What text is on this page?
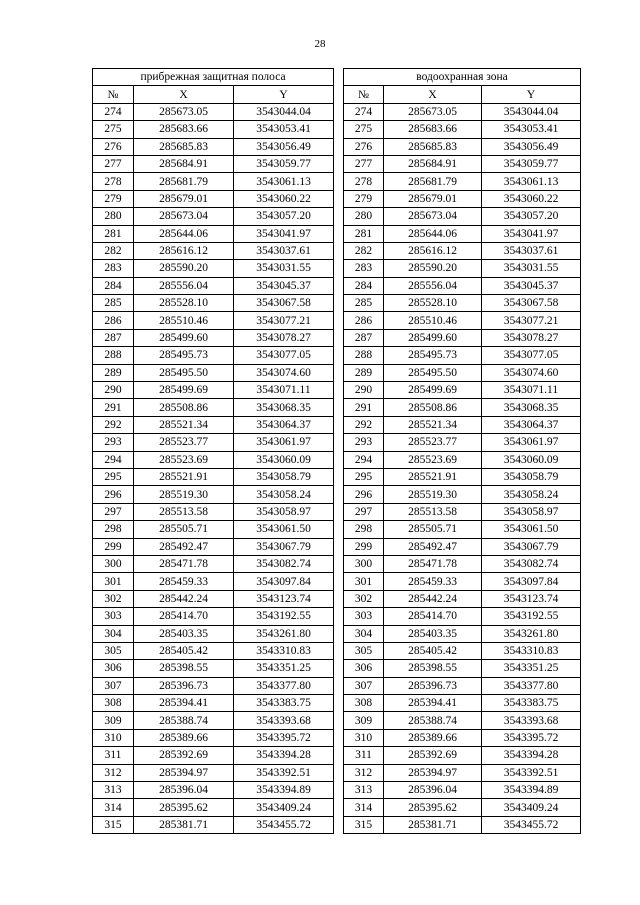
28
прибрежная защитная полоса		
№	X	Y
274	285673.05	3543044.04
275	285683.66	3543053.41
276	285685.83	3543056.49
277	285684.91	3543059.77
278	285681.79	3543061.13
279	285679.01	3543060.22
280	285673.04	3543057.20
281	285644.06	3543041.97
282	285616.12	3543037.61
283	285590.20	3543031.55
284	285556.04	3543045.37
285	285528.10	3543067.58
286	285510.46	3543077.21
287	285499.60	3543078.27
288	285495.73	3543077.05
289	285495.50	3543074.60
290	285499.69	3543071.11
291	285508.86	3543068.35
292	285521.34	3543064.37
293	285523.77	3543061.97
294	285523.69	3543060.09
295	285521.91	3543058.79
296	285519.30	3543058.24
297	285513.58	3543058.97
298	285505.71	3543061.50
299	285492.47	3543067.79
300	285471.78	3543082.74
301	285459.33	3543097.84
302	285442.24	3543123.74
303	285414.70	3543192.55
304	285403.35	3543261.80
305	285405.42	3543310.83
306	285398.55	3543351.25
307	285396.73	3543377.80
308	285394.41	3543383.75
309	285388.74	3543393.68
310	285389.66	3543395.72
311	285392.69	3543394.28
312	285394.97	3543392.51
313	285396.04	3543394.89
314	285395.62	3543409.24
315	285381.71	3543455.72
водоохранная зона		
№	X	Y
274	285673.05	3543044.04
275	285683.66	3543053.41
276	285685.83	3543056.49
277	285684.91	3543059.77
278	285681.79	3543061.13
279	285679.01	3543060.22
280	285673.04	3543057.20
281	285644.06	3543041.97
282	285616.12	3543037.61
283	285590.20	3543031.55
284	285556.04	3543045.37
285	285528.10	3543067.58
286	285510.46	3543077.21
287	285499.60	3543078.27
288	285495.73	3543077.05
289	285495.50	3543074.60
290	285499.69	3543071.11
291	285508.86	3543068.35
292	285521.34	3543064.37
293	285523.77	3543061.97
294	285523.69	3543060.09
295	285521.91	3543058.79
296	285519.30	3543058.24
297	285513.58	3543058.97
298	285505.71	3543061.50
299	285492.47	3543067.79
300	285471.78	3543082.74
301	285459.33	3543097.84
302	285442.24	3543123.74
303	285414.70	3543192.55
304	285403.35	3543261.80
305	285405.42	3543310.83
306	285398.55	3543351.25
307	285396.73	3543377.80
308	285394.41	3543383.75
309	285388.74	3543393.68
310	285389.66	3543395.72
311	285392.69	3543394.28
312	285394.97	3543392.51
313	285396.04	3543394.89
314	285395.62	3543409.24
315	285381.71	3543455.72
